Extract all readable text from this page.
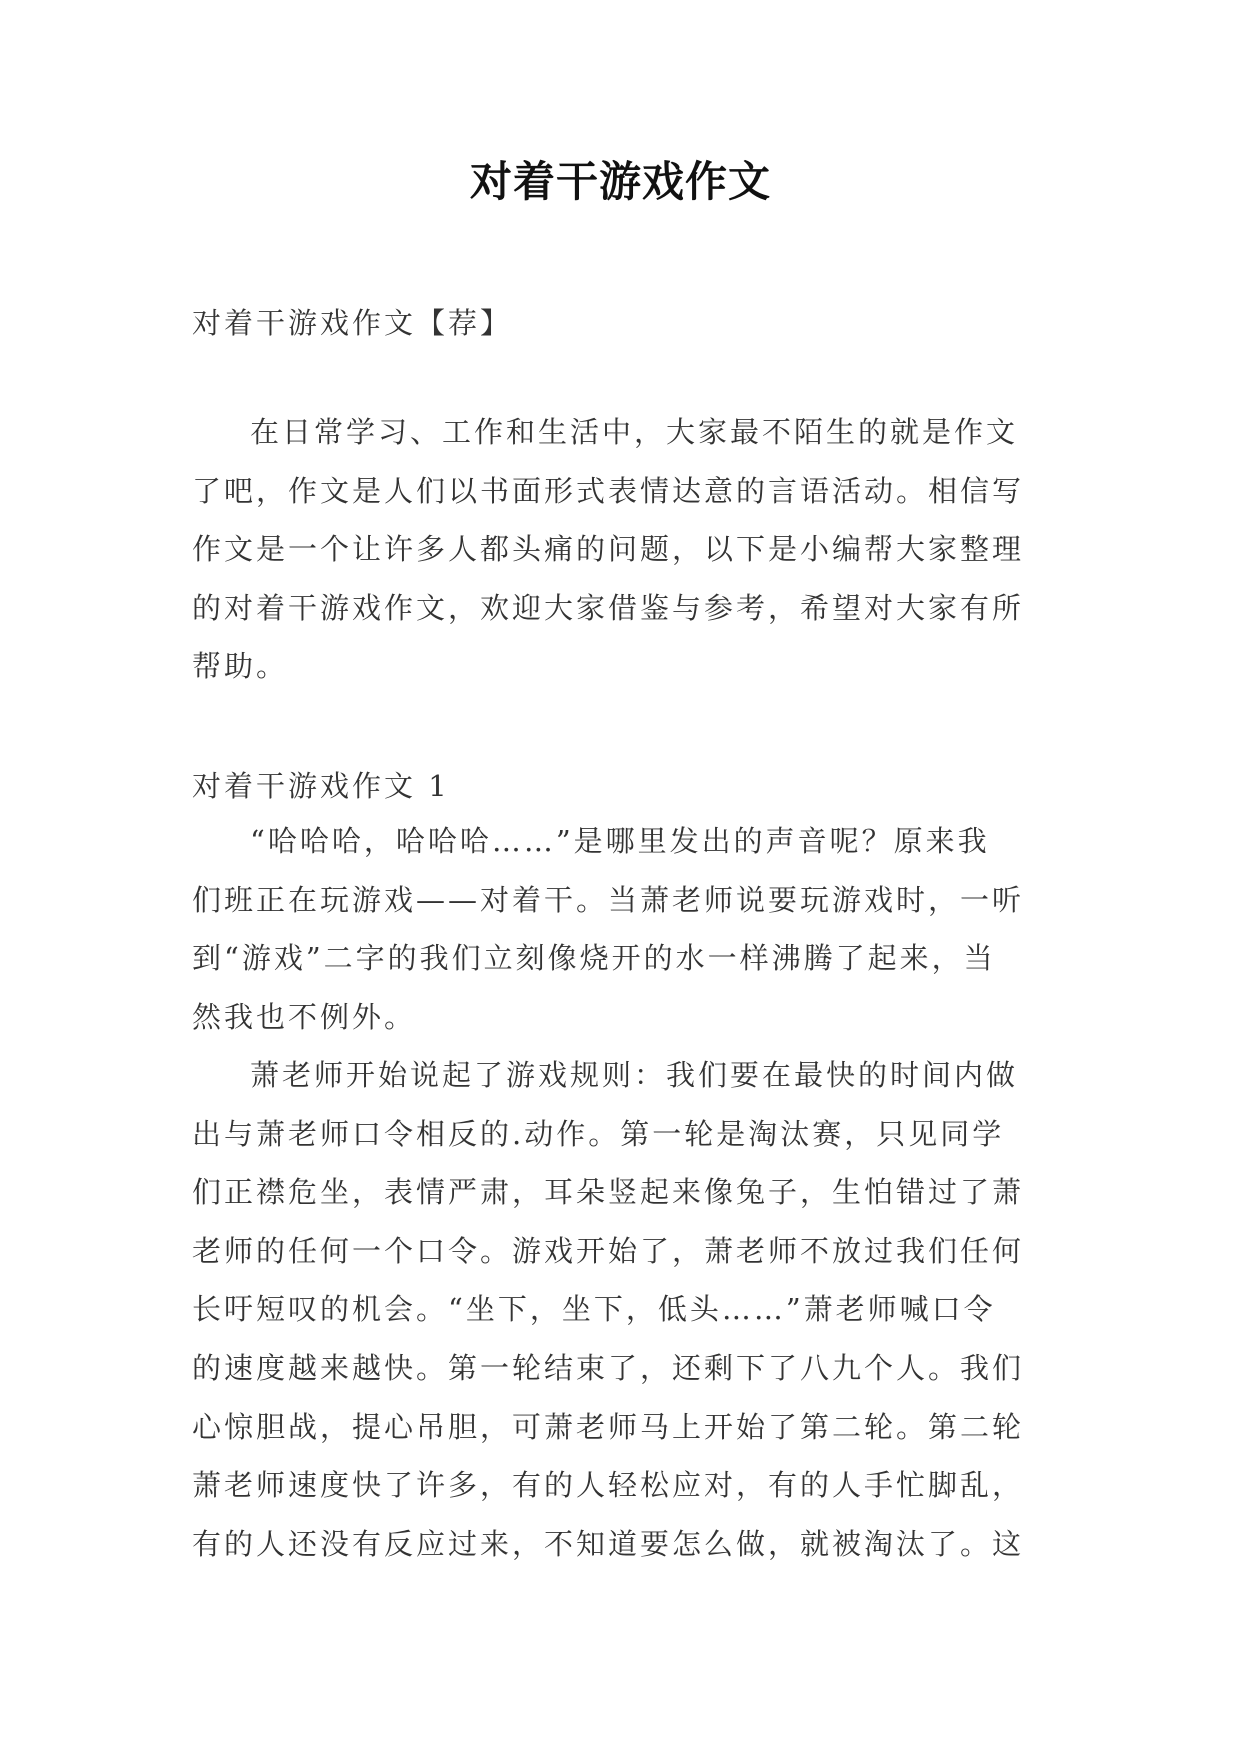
对着干游戏作文
对着干游戏作文【荐】
在日常学习、工作和生活中，大家最不陌生的就是作文
了吧，作文是人们以书面形式表情达意的言语活动。相信写
作文是一个让许多人都头痛的问题，以下是小编帮大家整理
的对着干游戏作文，欢迎大家借鉴与参考，希望对大家有所
帮助。
对着干游戏作文 1
“哈哈哈，哈哈哈……”是哪里发出的声音呢？原来我
们班正在玩游戏——对着干。当萧老师说要玩游戏时，一听
到“游戏”二字的我们立刻像烧开的水一样沸腾了起来，当
然我也不例外。
萧老师开始说起了游戏规则：我们要在最快的时间内做
出与萧老师口令相反的.动作。第一轮是淘汰赛，只见同学
们正襟危坐，表情严肃，耳朵竖起来像兔子，生怕错过了萧
老师的任何一个口令。游戏开始了，萧老师不放过我们任何
长吁短叹的机会。“坐下，坐下，低头……”萧老师喊口令
的速度越来越快。第一轮结束了，还剩下了八九个人。我们
心惊胆战，提心吊胆，可萧老师马上开始了第二轮。第二轮
萧老师速度快了许多，有的人轻松应对，有的人手忙脚乱，
有的人还没有反应过来，不知道要怎么做，就被淘汰了。这
